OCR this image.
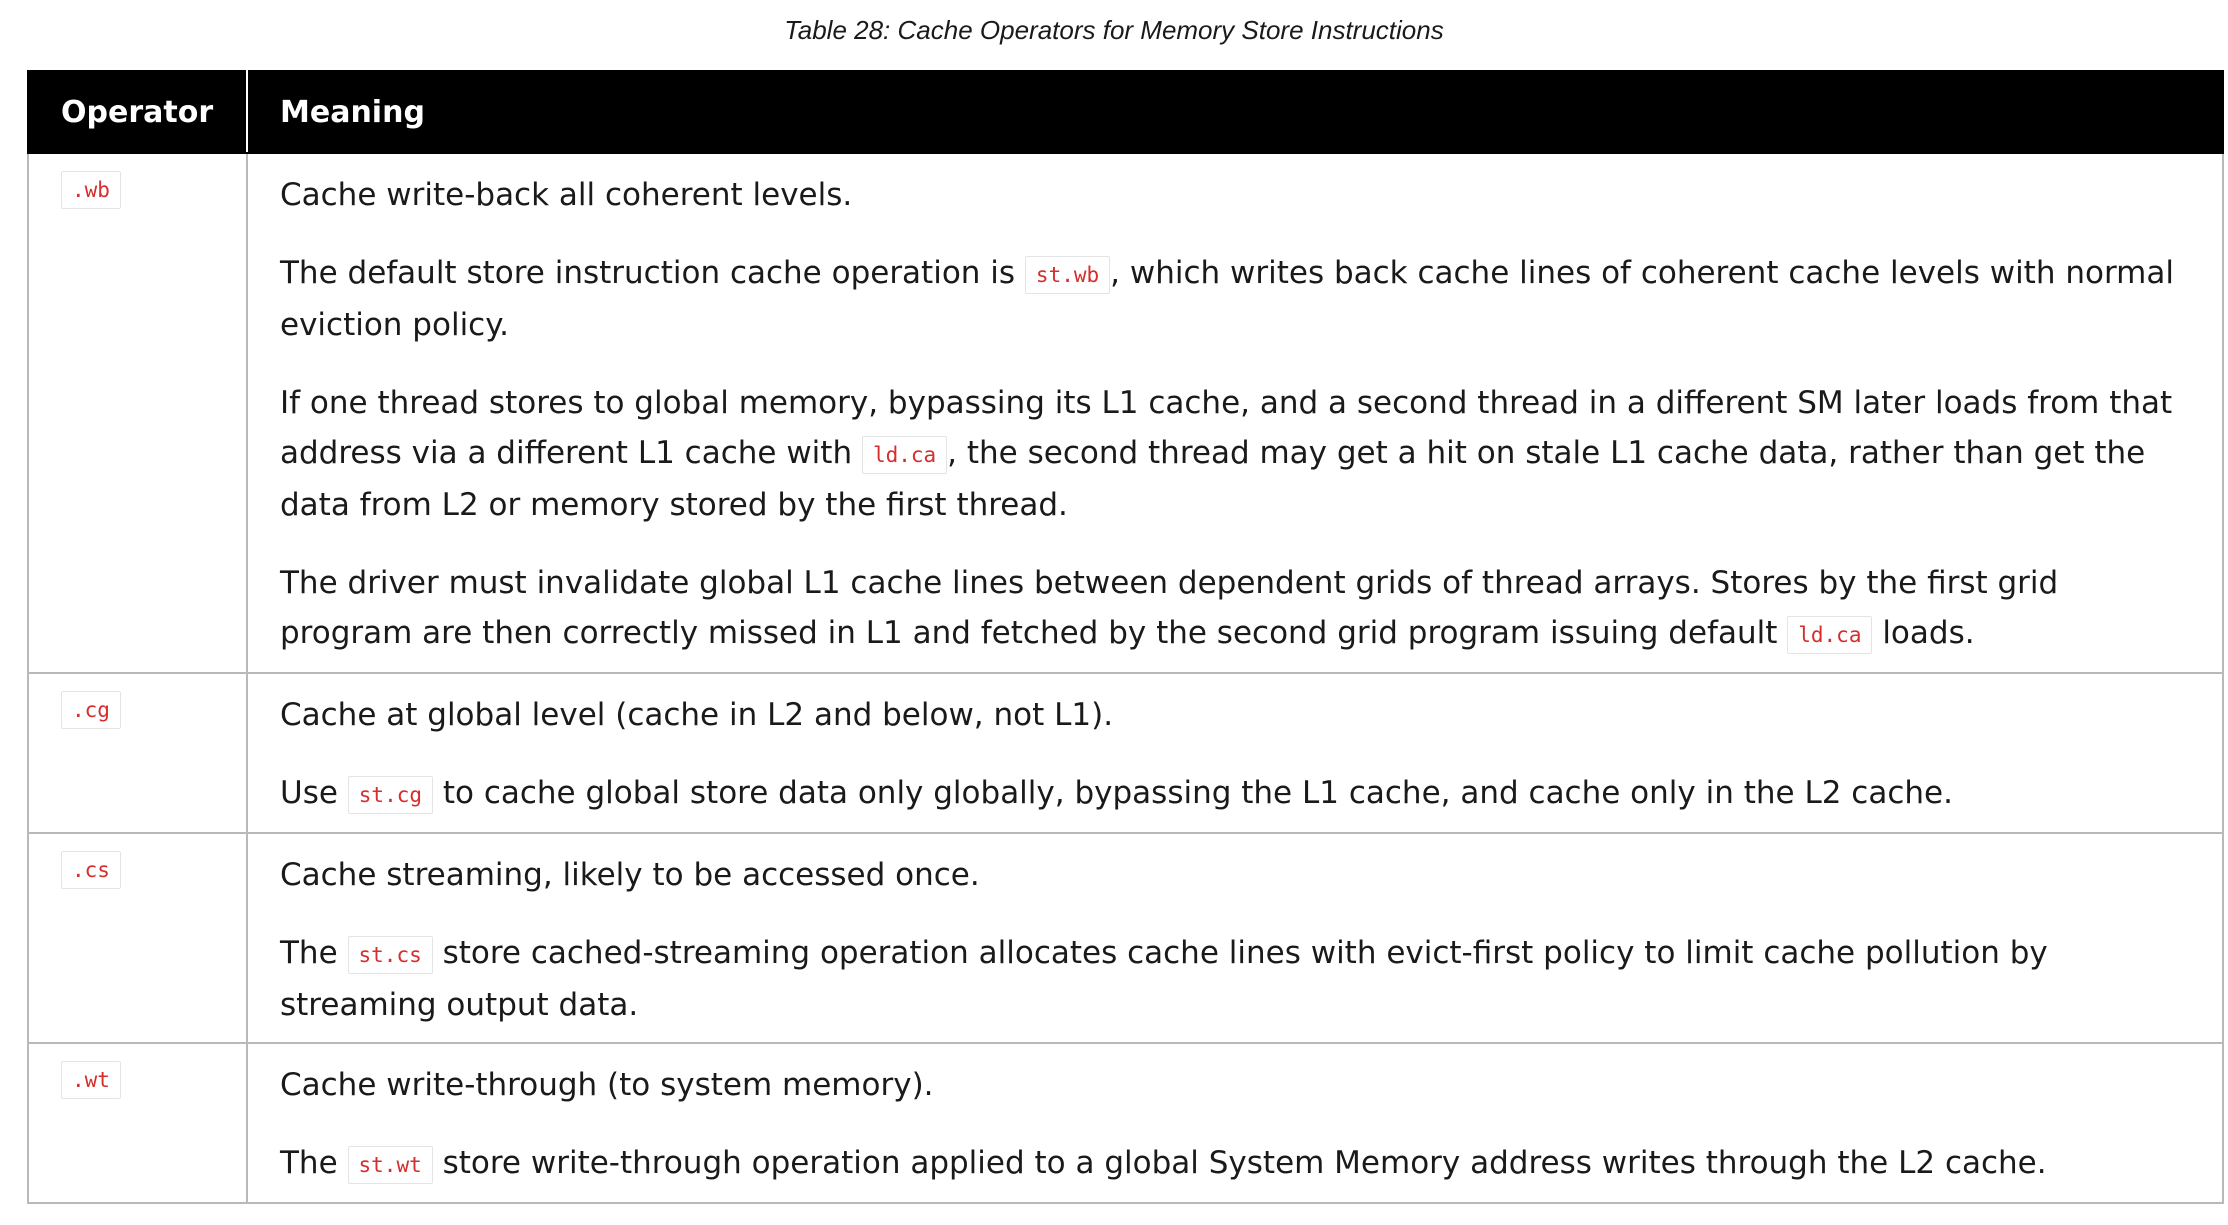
Table 28: Cache Operators for Memory Store Instructions
Operator	Meaning
.wb	Cache write-back all coherent levels.

The default store instruction cache operation is st.wb , which writes back cache lines of coherent cache levels with normal eviction policy.

If one thread stores to global memory, bypassing its L1 cache, and a second thread in a different SM later loads from that address via a different L1 cache with ld.ca , the second thread may get a hit on stale L1 cache data, rather than get the data from L2 or memory stored by the first thread.

The driver must invalidate global L1 cache lines between dependent grids of thread arrays. Stores by the first grid program are then correctly missed in L1 and fetched by the second grid program issuing default ld.ca loads.

.cg	Cache at global level (cache in L2 and below, not L1).

Use st.cg to cache global store data only globally, bypassing the L1 cache, and cache only in the L2 cache.

.cs	Cache streaming, likely to be accessed once.

The st.cs store cached-streaming operation allocates cache lines with evict-first policy to limit cache pollution by streaming output data.

.wt	Cache write-through (to system memory).

The st.wt store write-through operation applied to a global System Memory address writes through the L2 cache.
